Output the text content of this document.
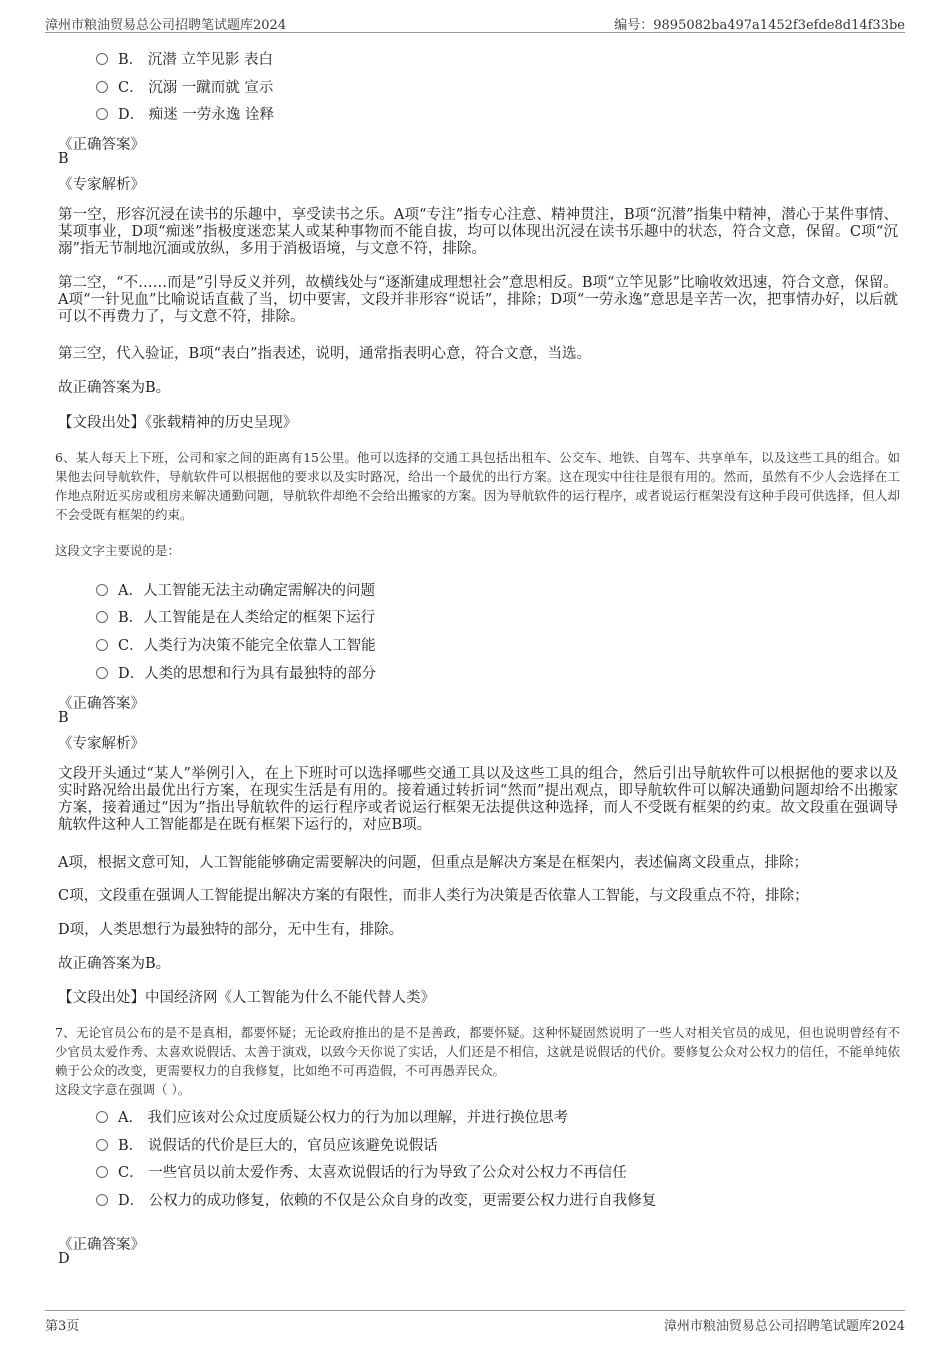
漳州市粮油贸易总公司招聘笔试题库2024	编号：9895082ba497a1452f3efde8d14f33be
B． 沉潜 立竿见影 表白
C． 沉溺 一蹴而就 宣示
D． 痴迷 一劳永逸 诠释
《正确答案》
B
《专家解析》
第一空，形容沉浸在读书的乐趣中，享受读书之乐。A项“专注”指专心注意、精神贯注，B项“沉潜”指集中精神，潜心于某件事情、某项事业，D项“痴迷”指极度迷恋某人或某种事物而不能自拔，均可以体现出沉浸在读书乐趣中的状态，符合文意，保留。C项“沉溺”指无节制地沉湎或放纵，多用于消极语境，与文意不符，排除。
第二空，“不……而是”引导反义并列，故横线处与“逐渐建成理想社会”意思相反。B项“立竿见影”比喻收效迅速，符合文意，保留。A项“一针见血”比喻说话直截了当，切中要害，文段并非形容“说话”，排除；D项“一劳永逸”意思是辛苦一次，把事情办好，以后就可以不再费力了，与文意不符，排除。
第三空，代入验证，B项“表白”指表述，说明，通常指表明心意，符合文意，当选。
故正确答案为B。
【文段出处】《张载精神的历史呈现》
6、某人每天上下班，公司和家之间的距离有15公里。他可以选择的交通工具包括出租车、公交车、地铁、自驾车、共享单车，以及这些工具的组合。如果他去问导航软件，导航软件可以根据他的要求以及实时路况，给出一个最优的出行方案。这在现实中往往是很有用的。然而，虽然有不少人会选择在工作地点附近买房或租房来解决通勤问题，导航软件却绝不会给出搬家的方案。因为导航软件的运行程序，或者说运行框架没有这种手段可供选择，但人却不会受既有框架的约束。
这段文字主要说的是：
A．人工智能无法主动确定需解决的问题
B．人工智能是在人类给定的框架下运行
C．人类行为决策不能完全依靠人工智能
D．人类的思想和行为具有最独特的部分
《正确答案》
B
《专家解析》
文段开头通过“某人”举例引入，在上下班时可以选择哪些交通工具以及这些工具的组合，然后引出导航软件可以根据他的要求以及实时路况给出最优出行方案，在现实生活是有用的。接着通过转折词“然而”提出观点，即导航软件可以解决通勤问题却给不出搬家方案，接着通过“因为”指出导航软件的运行程序或者说运行框架无法提供这种选择，而人不受既有框架的约束。故文段重在强调导航软件这种人工智能都是在既有框架下运行的，对应B项。
A项，根据文意可知，人工智能能够确定需要解决的问题，但重点是解决方案是在框架内，表述偏离文段重点，排除；
C项，文段重在强调人工智能提出解决方案的有限性，而非人类行为决策是否依靠人工智能，与文段重点不符，排除；
D项，人类思想行为最独特的部分，无中生有，排除。
故正确答案为B。
【文段出处】中国经济网《人工智能为什么不能代替人类》
7、无论官员公布的是不是真相，都要怀疑；无论政府推出的是不是善政，都要怀疑。这种怀疑固然说明了一些人对相关官员的成见，但也说明曾经有不少官员太爱作秀、太喜欢说假话、太善于演戏，以致今天你说了实话，人们还是不相信，这就是说假话的代价。要修复公众对公权力的信任，不能单纯依赖于公众的改变，更需要权力的自我修复，比如绝不可再造假，不可再愚弄民众。
这段文字意在强调（ ）。
A． 我们应该对公众过度质疑公权力的行为加以理解，并进行换位思考
B． 说假话的代价是巨大的，官员应该避免说假话
C． 一些官员以前太爱作秀、太喜欢说假话的行为导致了公众对公权力不再信任
D． 公权力的成功修复，依赖的不仅是公众自身的改变，更需要公权力进行自我修复
《正确答案》
D
第3页	漳州市粮油贸易总公司招聘笔试题库2024
